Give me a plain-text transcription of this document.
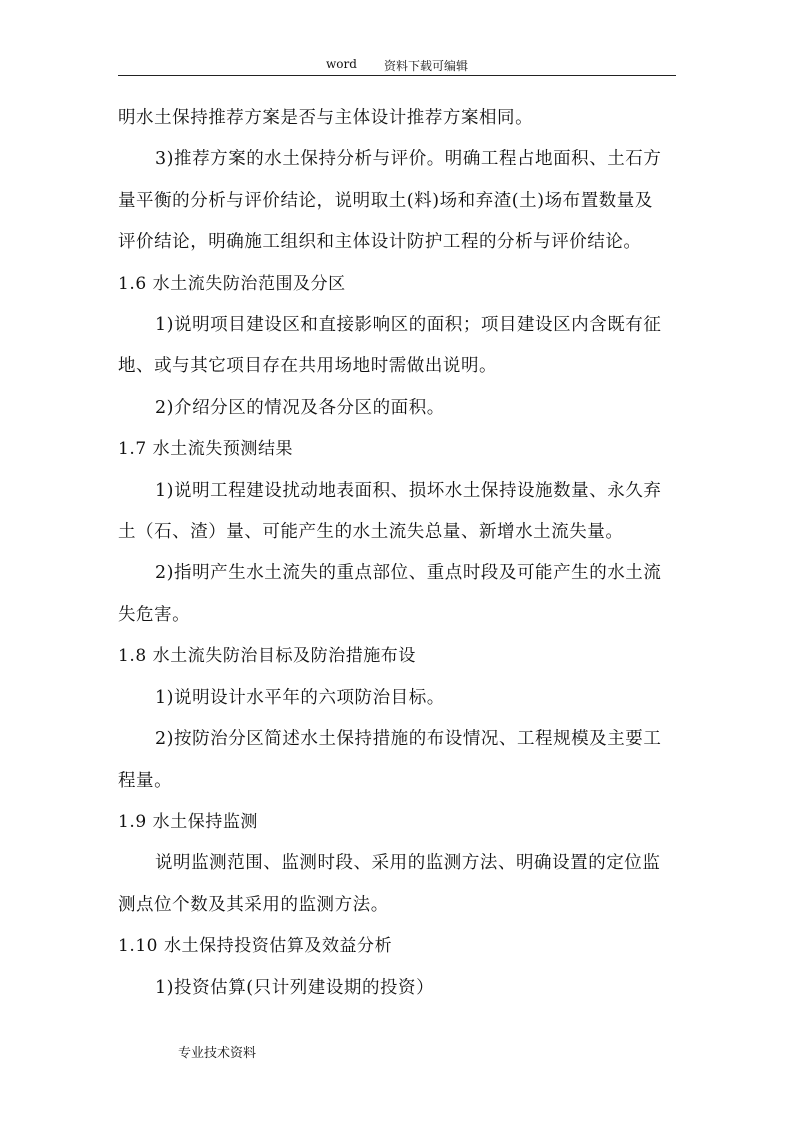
word 资料下载可编辑

明水土保持推荐方案是否与主体设计推荐方案相同。

3)推荐方案的水土保持分析与评价。明确工程占地面积、土石方

量平衡的分析与评价结论，说明取土(料)场和弃渣(土)场布置数量及

评价结论，明确施工组织和主体设计防护工程的分析与评价结论。

1.6 水土流失防治范围及分区

1)说明项目建设区和直接影响区的面积；项目建设区内含既有征

地、或与其它项目存在共用场地时需做出说明。

2)介绍分区的情况及各分区的面积。

1.7 水土流失预测结果

1)说明工程建设扰动地表面积、损坏水土保持设施数量、永久弃

土（石、渣）量、可能产生的水土流失总量、新增水土流失量。

2)指明产生水土流失的重点部位、重点时段及可能产生的水土流

失危害。

1.8 水土流失防治目标及防治措施布设

1)说明设计水平年的六项防治目标。

2)按防治分区简述水土保持措施的布设情况、工程规模及主要工

程量。

1.9 水土保持监测

说明监测范围、监测时段、采用的监测方法、明确设置的定位监

测点位个数及其采用的监测方法。

1.10 水土保持投资估算及效益分析

1)投资估算(只计列建设期的投资）

专业技术资料
